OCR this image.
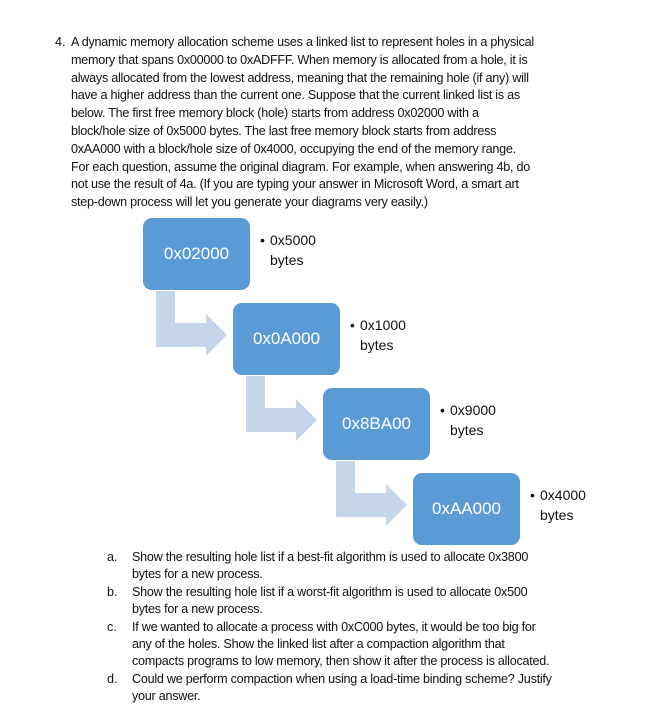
4. A dynamic memory allocation scheme uses a linked list to represent holes in a physical
memory that spans 0x00000 to 0xADFFF. When memory is allocated from a hole, it is
always allocated from the lowest address, meaning that the remaining hole (if any) will
have a higher address than the current one. Suppose that the current linked list is as
below. The first free memory block (hole) starts from address 0x02000 with a
block/hole size of 0x5000 bytes. The last free memory block starts from address
0xAA000 with a block/hole size of 0x4000, occupying the end of the memory range.
For each question, assume the original diagram. For example, when answering 4b, do
not use the result of 4a. (If you are typing your answer in Microsoft Word, a smart art
step-down process will let you generate your diagrams very easily.)
0x02000
• 0x5000
bytes
0x0A000
• 0x1000
bytes
0x8BA00
• 0x9000
bytes
0xAA000
• 0x4000
bytes
a. Show the resulting hole list if a best-fit algorithm is used to allocate 0x3800
bytes for a new process.
b. Show the resulting hole list if a worst-fit algorithm is used to allocate 0x500
bytes for a new process.
c. If we wanted to allocate a process with 0xC000 bytes, it would be too big for
any of the holes. Show the linked list after a compaction algorithm that
compacts programs to low memory, then show it after the process is allocated.
d. Could we perform compaction when using a load-time binding scheme? Justify
your answer.
